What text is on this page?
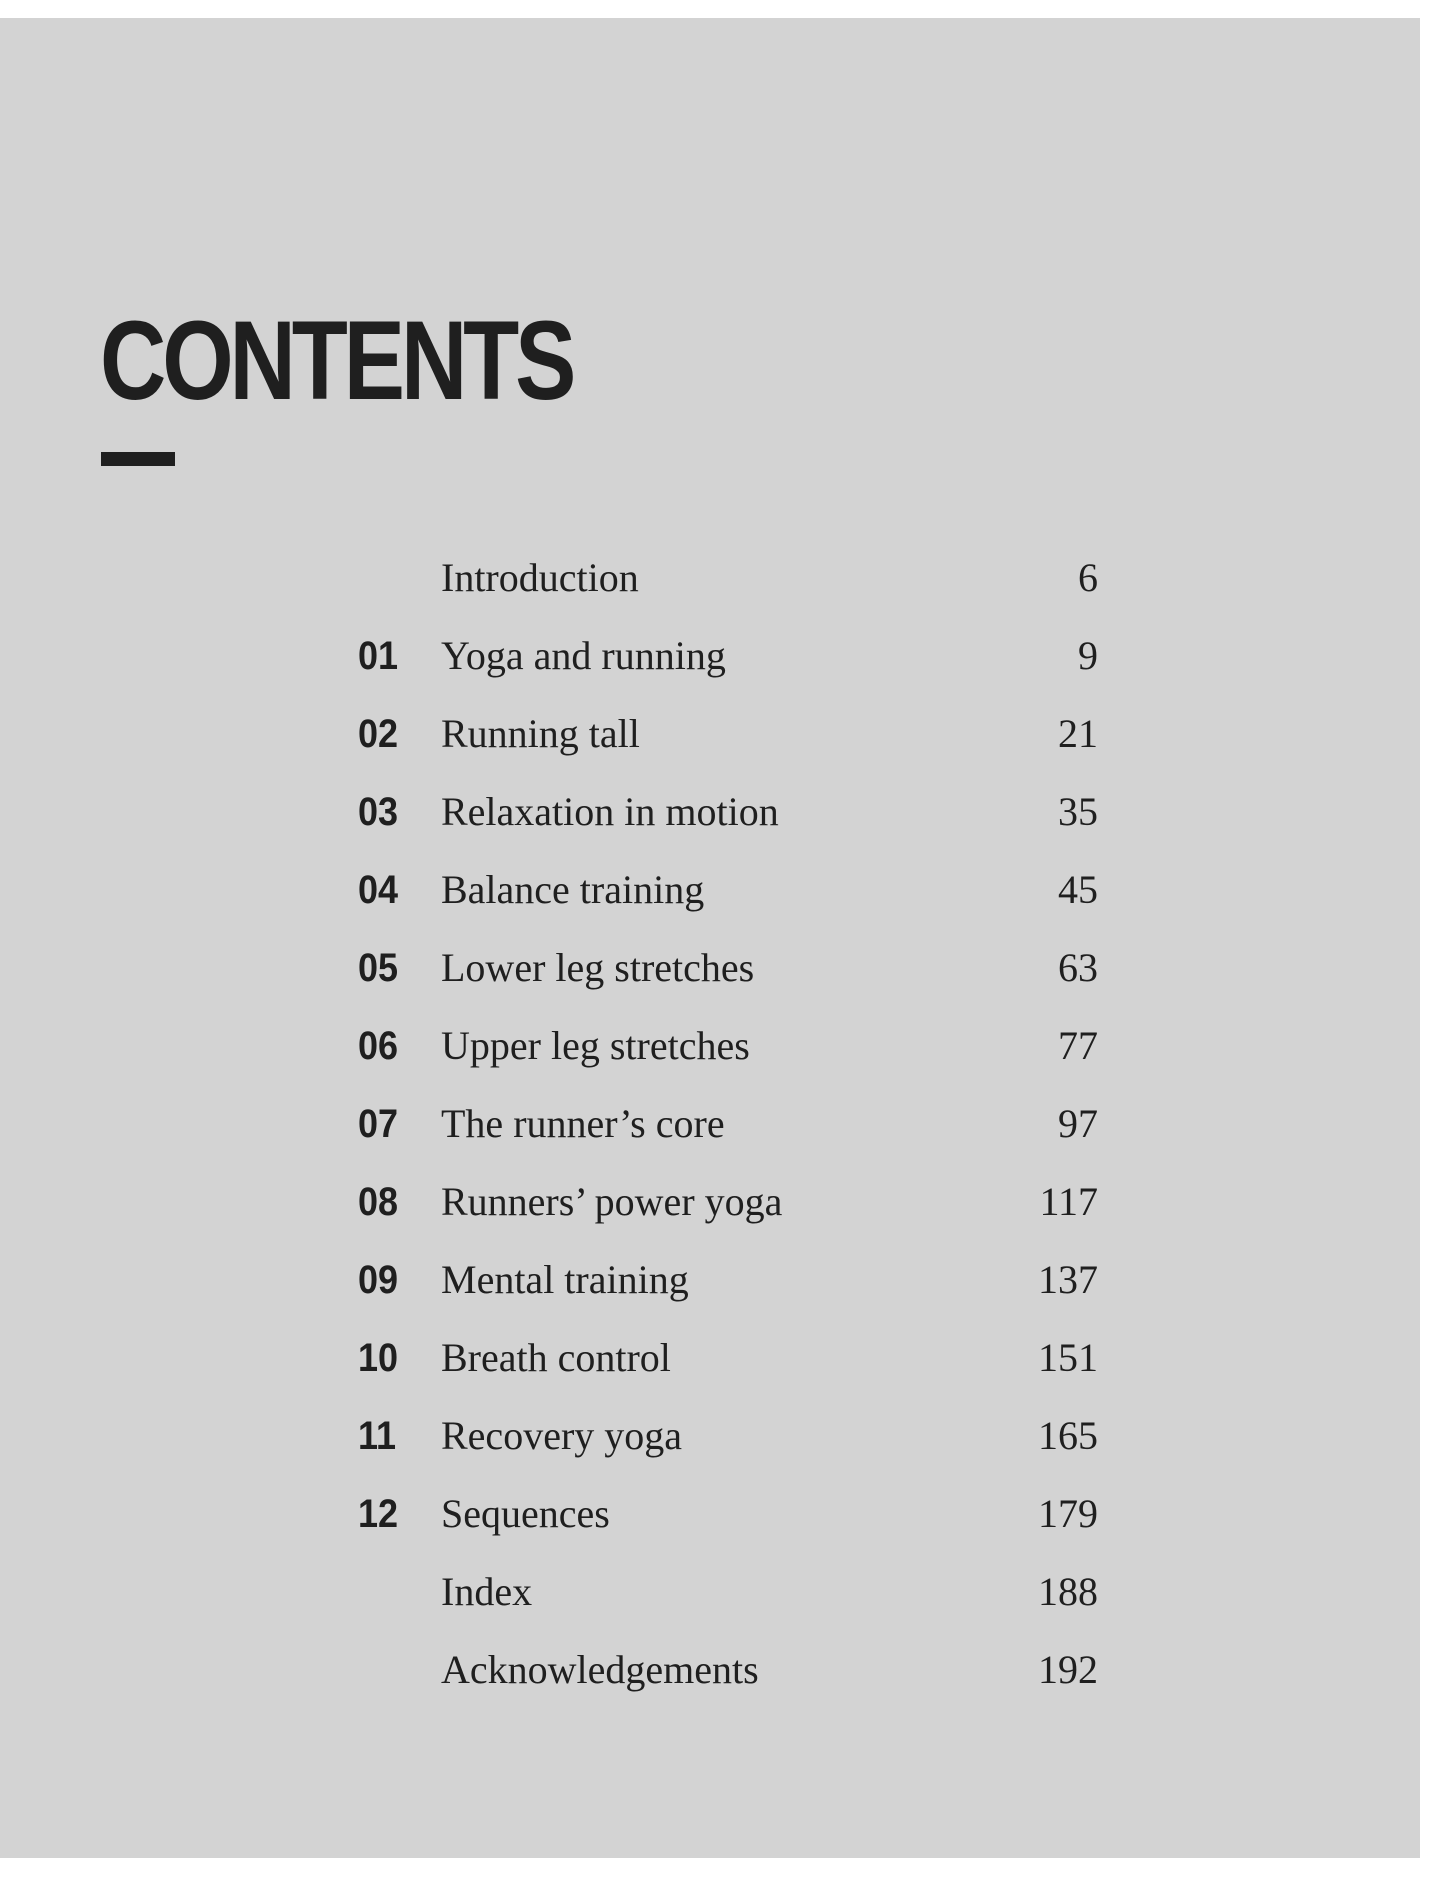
CONTENTS
Introduction	6
01 Yoga and running	9
02 Running tall	21
03 Relaxation in motion	35
04 Balance training	45
05 Lower leg stretches	63
06 Upper leg stretches	77
07 The runner’s core	97
08 Runners’ power yoga	117
09 Mental training	137
10 Breath control	151
11 Recovery yoga	165
12 Sequences	179
Index	188
Acknowledgements	192
